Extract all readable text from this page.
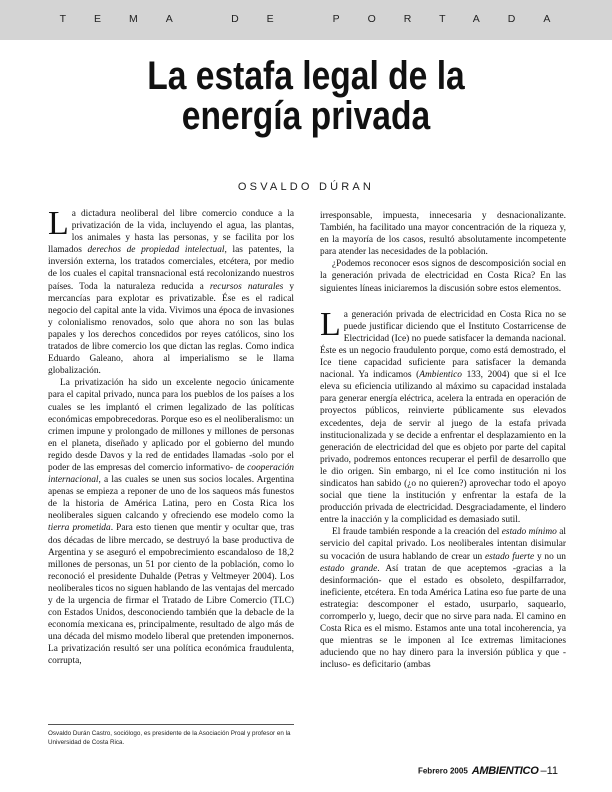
TEMA DE PORTADA
La estafa legal de la
energía privada
OSVALDO DÚRAN

La dictadura neoliberal del libre comercio conduce a la privatización de la vida, incluyendo el agua, las plantas, los animales y hasta las personas, y se facilita por los llamados derechos de propiedad intelectual, las patentes, la inversión externa, los tratados comerciales, etcétera, por medio de los cuales el capital transnacional está recolonizando nuestros países. Toda la naturaleza reducida a recursos naturales y mercancías para explotar es privatizable. Ése es el radical negocio del capital ante la vida. Vivimos una época de invasiones y colonialismo renovados, solo que ahora no son las bulas papales y los derechos concedidos por reyes católicos, sino los tratados de libre comercio los que dictan las reglas. Como indica Eduardo Galeano, ahora al imperialismo se le llama globalización.

La privatización ha sido un excelente negocio únicamente para el capital privado, nunca para los pueblos de los países a los cuales se les implantó el crimen legalizado de las políticas económicas empobrecedoras. Porque eso es el neoliberalismo: un crimen impune y prolongado de millones y millones de personas en el planeta, diseñado y aplicado por el gobierno del mundo regido desde Davos y la red de entidades llamadas -solo por el poder de las empresas del comercio informativo- de cooperación internacional, a las cuales se unen sus socios locales. Argentina apenas se empieza a reponer de uno de los saqueos más funestos de la historia de América Latina, pero en Costa Rica los neoliberales siguen calcando y ofreciendo ese modelo como la tierra prometida. Para esto tienen que mentir y ocultar que, tras dos décadas de libre mercado, se destruyó la base productiva de Argentina y se aseguró el empobrecimiento escandaloso de 18,2 millones de personas, un 51 por ciento de la población, como lo reconoció el presidente Duhalde (Petras y Veltmeyer 2004). Los neoliberales ticos no siguen hablando de las ventajas del mercado y de la urgencia de firmar el Tratado de Libre Comercio (TLC) con Estados Unidos, desconociendo también que la debacle de la economía mexicana es, principalmente, resultado de algo más de una década del mismo modelo liberal que pretenden imponernos. La privatización resultó ser una política económica fraudulenta, corrupta,

irresponsable, impuesta, innecesaria y desnacionalizante. También, ha facilitado una mayor concentración de la riqueza y, en la mayoría de los casos, resultó absolutamente incompetente para atender las necesidades de la población.

¿Podemos reconocer esos signos de descomposición social en la generación privada de electricidad en Costa Rica? En las siguientes líneas iniciaremos la discusión sobre estos elementos.

La generación privada de electricidad en Costa Rica no se puede justificar diciendo que el Instituto Costarricense de Electricidad (Ice) no puede satisfacer la demanda nacional. Éste es un negocio fraudulento porque, como está demostrado, el Ice tiene capacidad suficiente para satisfacer la demanda nacional. Ya indicamos (Ambientico 133, 2004) que si el Ice eleva su eficiencia utilizando al máximo su capacidad instalada para generar energía eléctrica, acelera la entrada en operación de proyectos públicos, reinvierte públicamente sus elevados excedentes, deja de servir al juego de la estafa privada institucionalizada y se decide a enfrentar el desplazamiento en la generación de electricidad del que es objeto por parte del capital privado, podremos entonces recuperar el perfil de desarrollo que le dio origen. Sin embargo, ni el Ice como institución ni los sindicatos han sabido (¿o no quieren?) aprovechar todo el apoyo social que tiene la institución y enfrentar la estafa de la producción privada de electricidad. Desgraciadamente, el lindero entre la inacción y la complicidad es demasiado sutil.

El fraude también responde a la creación del estado mínimo al servicio del capital privado. Los neoliberales intentan disimular su vocación de usura hablando de crear un estado fuerte y no un estado grande. Así tratan de que aceptemos -gracias a la desinformación- que el estado es obsoleto, despilfarrador, ineficiente, etcétera. En toda América Latina eso fue parte de una estrategia: descomponer el estado, usurparlo, saquearlo, corromperlo y, luego, decir que no sirve para nada. El camino en Costa Rica es el mismo. Estamos ante una total incoherencia, ya que mientras se le imponen al Ice extremas limitaciones aduciendo que no hay dinero para la inversión pública y que -incluso- es deficitario (ambas

Osvaldo Durán Castro, sociólogo, es presidente de la Asociación Proal y profesor en la Universidad de Costa Rica.
Febrero 2005 AMBIENTICO –11
